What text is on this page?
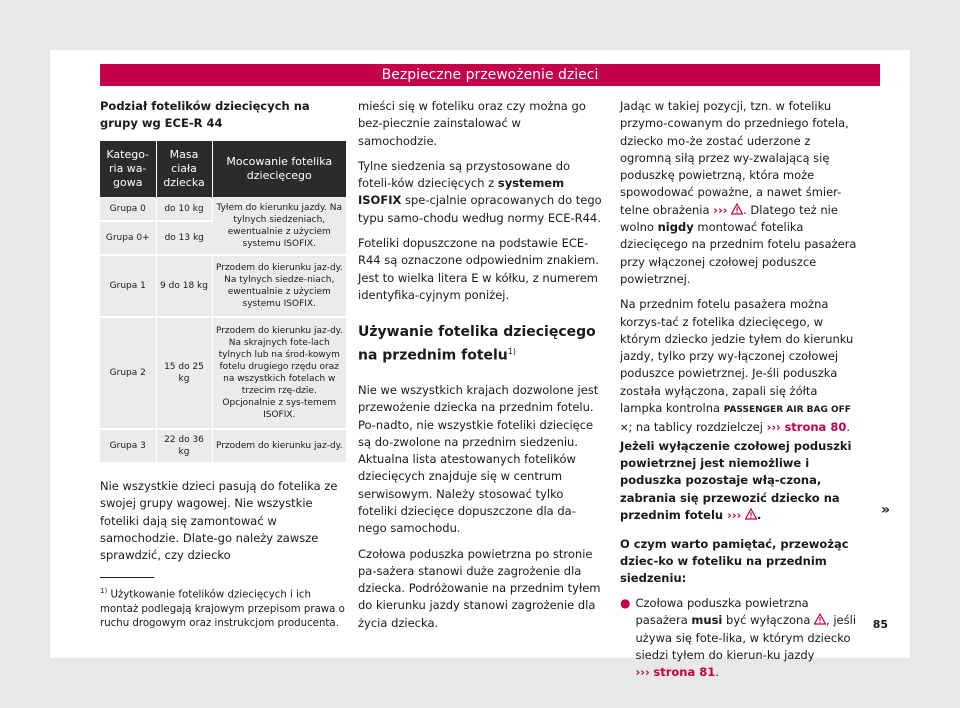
Bezpieczne przewożenie dzieci
Podział fotelików dziecięcych na grupy wg ECE-R 44
Katego-ria wa-gowa	Masa ciała dziecka	Mocowanie fotelika dziecięcego
Grupa 0	do 10 kg	Tyłem do kierunku jazdy. Na tylnych siedzeniach, ewentualnie z użyciem systemu ISOFIX.
Grupa 0+	do 13 kg	
Grupa 1	9 do 18 kg	Przodem do kierunku jaz-dy. Na tylnych siedze-niach, ewentualnie z użyciem systemu ISOFIX.
Grupa 2	15 do 25 kg	Przodem do kierunku jaz-dy. Na skrajnych fote-lach tylnych lub na środ-kowym fotelu drugiego rzędu oraz na wszystkich fotelach w trzecim rzę-dzie. Opcjonalnie z sys-temem ISOFIX.
Grupa 3	22 do 36 kg	Przodem do kierunku jaz-dy.

Nie wszystkie dzieci pasują do fotelika ze swojej grupy wagowej. Nie wszystkie foteliki dają się zamontować w samochodzie. Dlate-go należy zawsze sprawdzić, czy dziecko

$^{1)}$ Użytkowanie fotelików dziecięcych i ich montaż podlegają krajowym przepisom prawa o ruchu drogowym oraz instrukcjom producenta.

mieści się w foteliku oraz czy można go bez-piecznie zainstalować w samochodzie.

Tylne siedzenia są przystosowane do foteli-ków dziecięcych z systemem ISOFIX spe-cjalnie opracowanych do tego typu samo-chodu według normy ECE-R44.

Foteliki dopuszczone na podstawie ECE-R44 są oznaczone odpowiednim znakiem. Jest to wielka litera E w kółku, z numerem identyfika-cyjnym poniżej.

Używanie fotelika dziecięcego na przednim fotelu$^{1)}$

Nie we wszystkich krajach dozwolone jest przewożenie dziecka na przednim fotelu. Po-nadto, nie wszystkie foteliki dziecięce są do-zwolone na przednim siedzeniu. Aktualna lista atestowanych fotelików dziecięcych znajduje się w centrum serwisowym. Należy stosować tylko foteliki dziecięce dopuszczone dla da-nego samochodu.

Czołowa poduszka powietrzna po stronie pa-sażera stanowi duże zagrożenie dla dziecka. Podróżowanie na przednim tyłem do kierunku jazdy stanowi zagrożenie dla życia dziecka.

Jadąc w takiej pozycji, tzn. w foteliku przymo-cowanym do przedniego fotela, dziecko mo-że zostać uderzone z ogromną siłą przez wy-zwalającą się poduszkę powietrzną, która może spowodować poważne, a nawet śmier-telne obrażenia ››› . Dlatego też nie wolno nigdy montować fotelika dziecięcego na przednim fotelu pasażera przy włączonej czołowej poduszce powietrznej.

Na przednim fotelu pasażera można korzys-tać z fotelika dziecięcego, w którym dziecko jedzie tyłem do kierunku jazdy, tylko przy wy-łączonej czołowej poduszce powietrznej. Je-śli poduszka została wyłączona, zapali się żółta lampka kontrolna PASSENGER AIR BAG OFF ✕; na tablicy rozdzielczej ››› strona 80. Jeżeli wyłączenie czołowej poduszki powietrznej jest niemożliwe i poduszka pozostaje włą-czona, zabrania się przewozić dziecko na przednim fotelu ››› .

O czym warto pamiętać, przewożąc dziec-ko w foteliku na przednim siedzeniu:

● Czołowa poduszka powietrzna pasażera musi być wyłączona , jeśli używa się fote-lika, w którym dziecko siedzi tyłem do kierun-ku jazdy ››› strona 81.
»
85
